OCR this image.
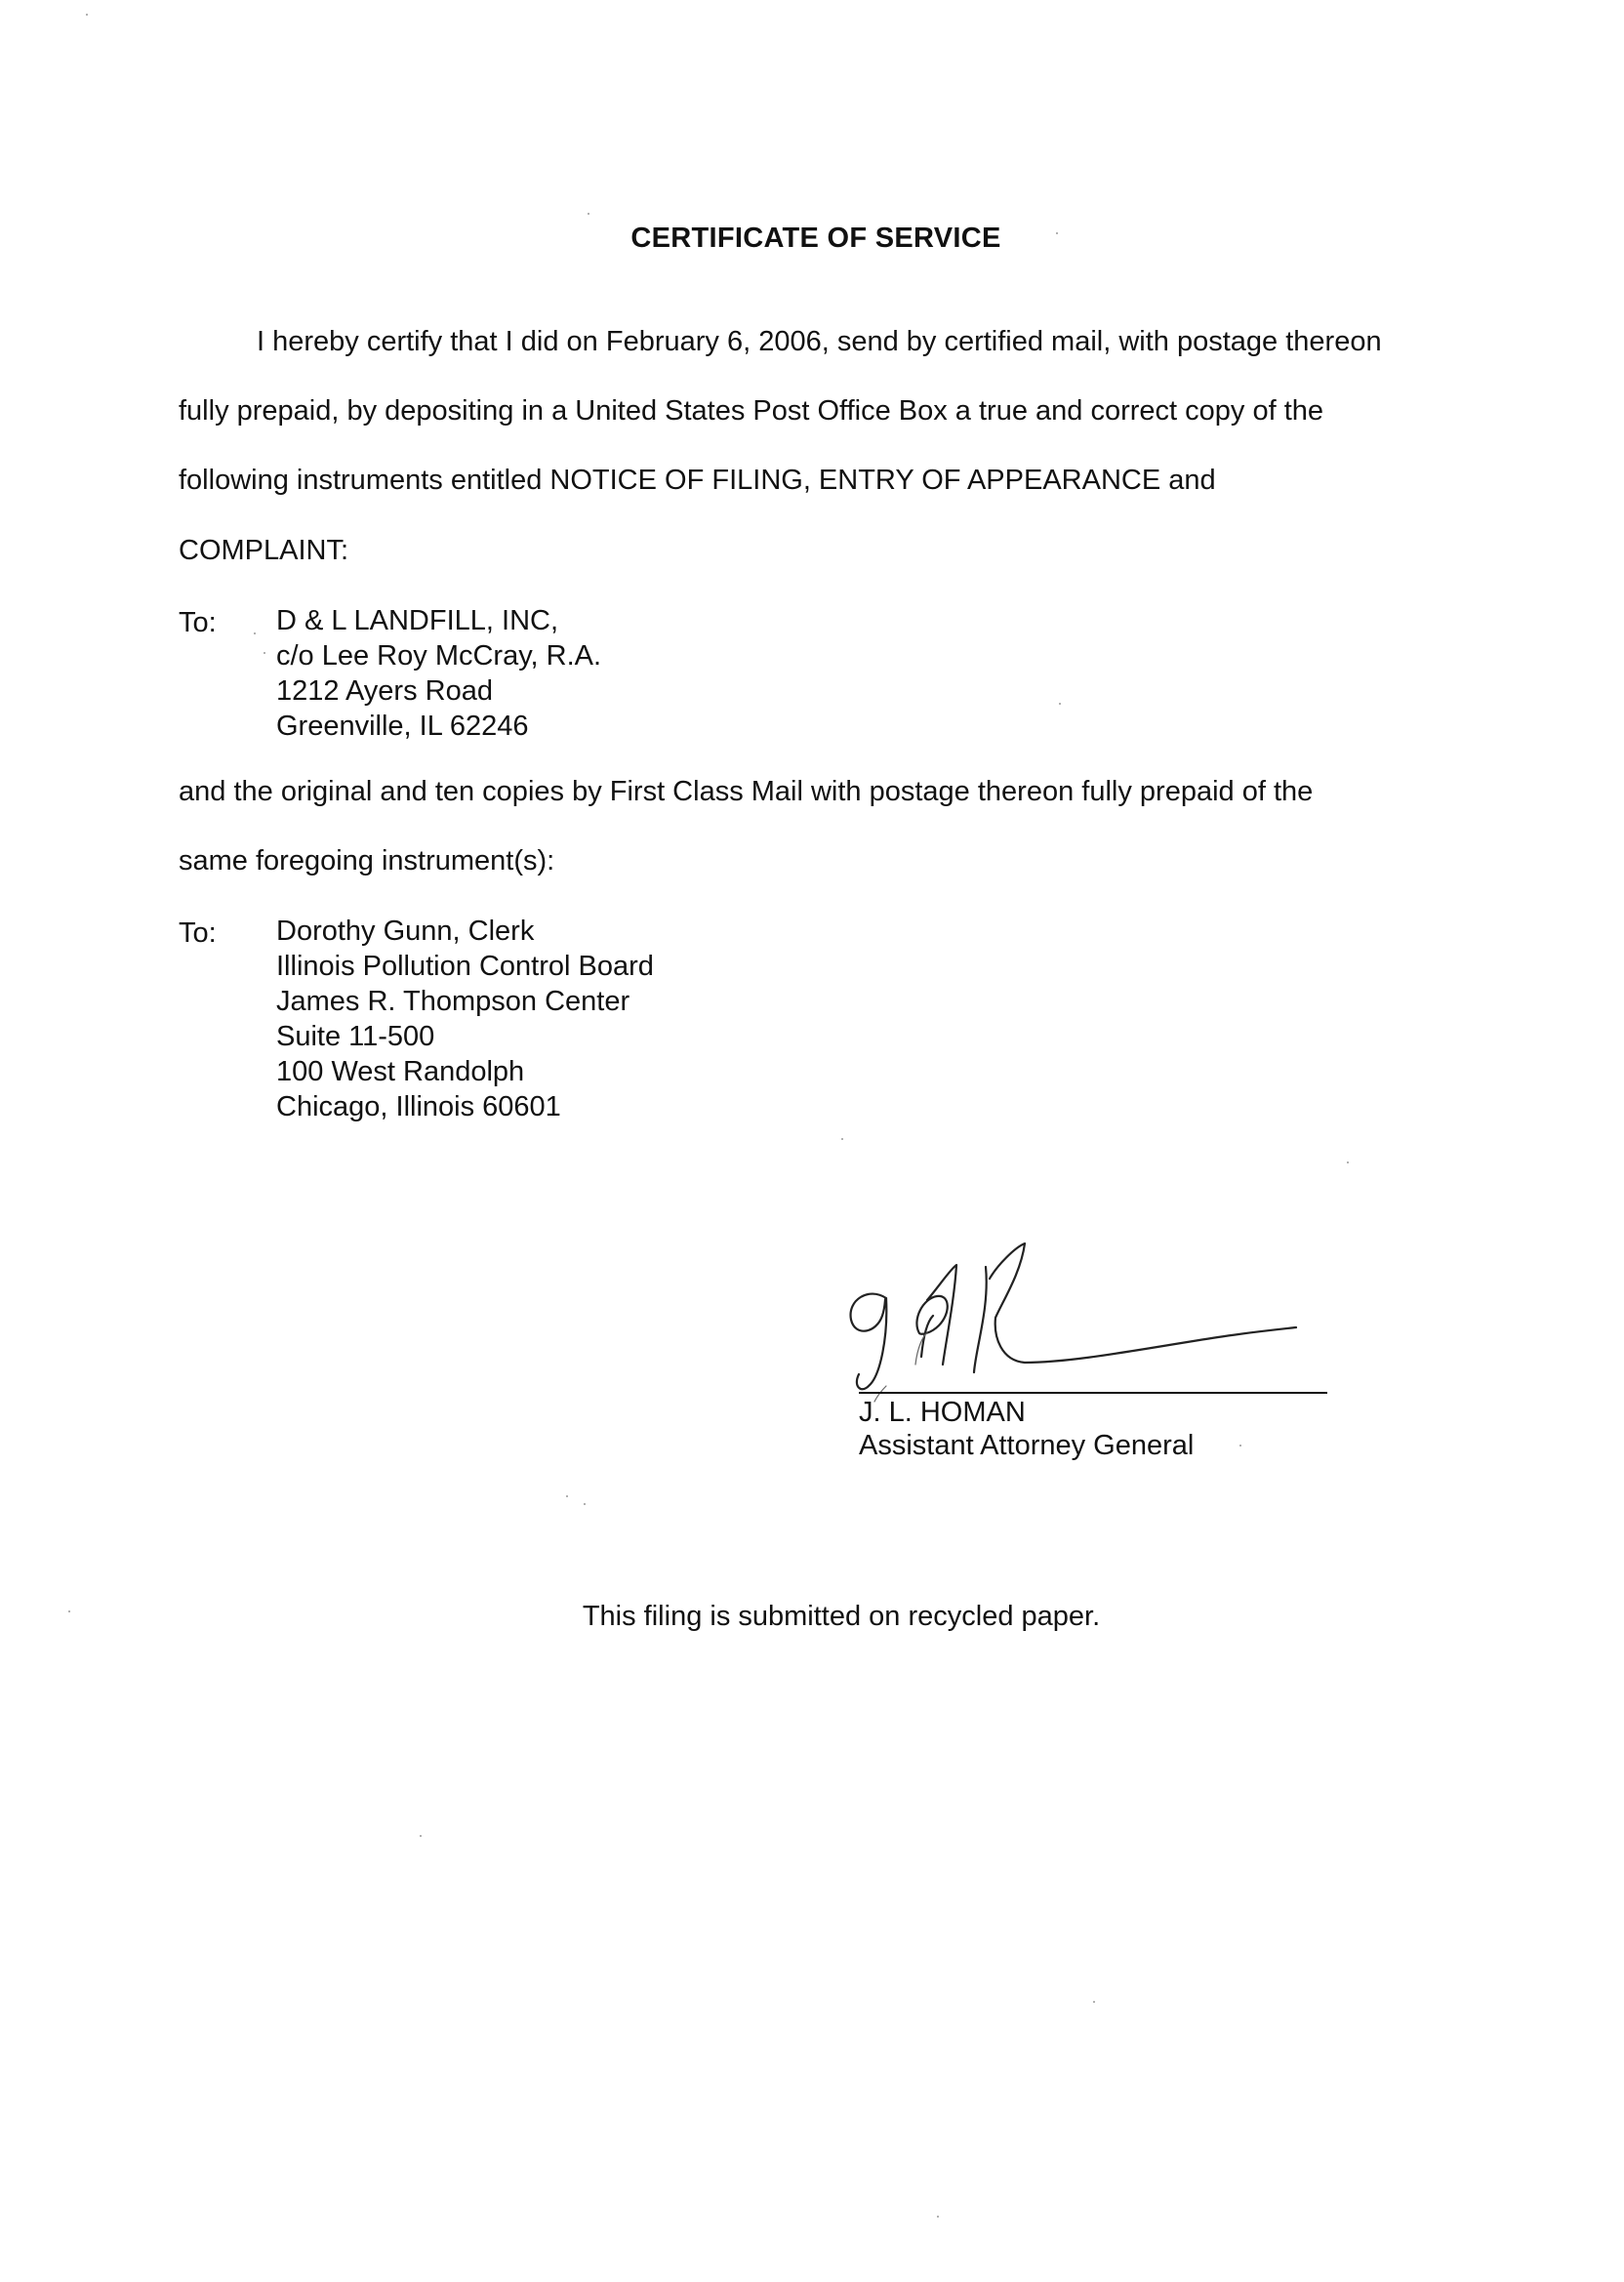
CERTIFICATE OF SERVICE
I hereby certify that I did on February 6, 2006, send by certified mail, with postage thereon
fully prepaid, by depositing in a United States Post Office Box a true and correct copy of the
following instruments entitled NOTICE OF FILING, ENTRY OF APPEARANCE and
COMPLAINT:
To: D & L LANDFILL, INC,
c/o Lee Roy McCray, R.A.
1212 Ayers Road
Greenville, IL 62246
and the original and ten copies by First Class Mail with postage thereon fully prepaid of the
same foregoing instrument(s):
To: Dorothy Gunn, Clerk
Illinois Pollution Control Board
James R. Thompson Center
Suite 11-500
100 West Randolph
Chicago, Illinois 60601
J. L. HOMAN
Assistant Attorney General
This filing is submitted on recycled paper.
